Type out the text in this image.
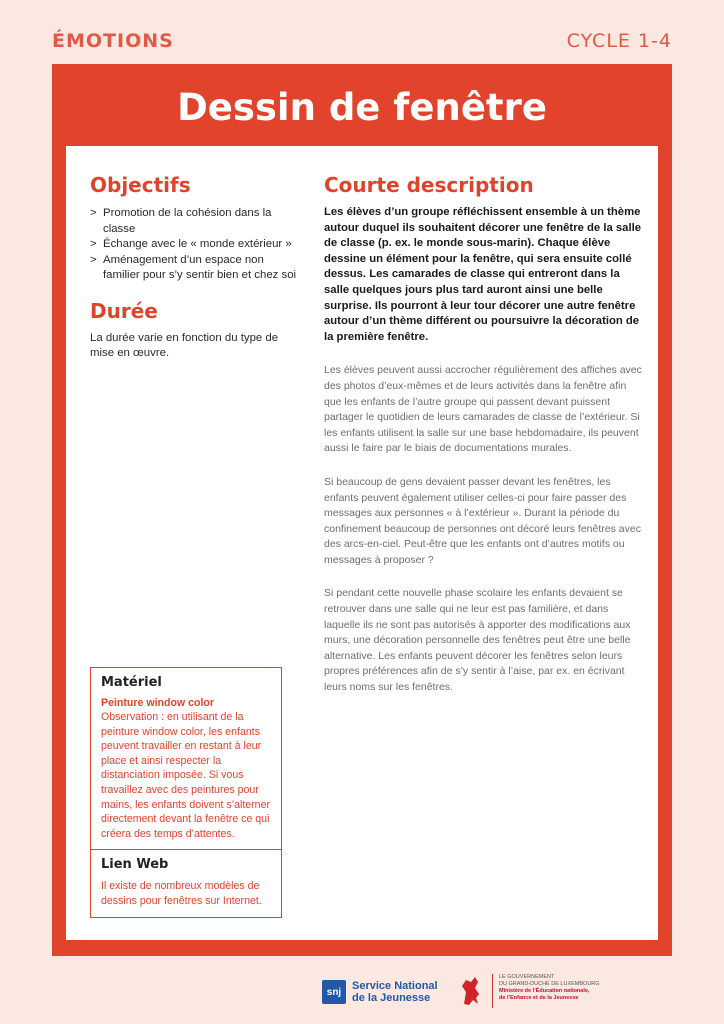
ÉMOTIONS	CYCLE 1-4
Dessin de fenêtre
Objectifs
> Promotion de la cohésion dans la classe
> Échange avec le « monde extérieur »
> Aménagement d’un espace non familier pour s’y sentir bien et chez soi
Durée

La durée varie en fonction du type de mise en œuvre.

Courte description

Les élèves d’un groupe réfléchissent ensemble à un thème autour duquel ils souhaitent décorer une fenêtre de la salle de classe (p. ex. le monde sous-marin). Chaque élève dessine un élément pour la fenêtre, qui sera ensuite collé dessus. Les camarades de classe qui entreront dans la salle quelques jours plus tard auront ainsi une belle surprise. Ils pourront à leur tour décorer une autre fenêtre autour d’un thème différent ou poursuivre la décoration de la première fenêtre.

Les élèves peuvent aussi accrocher régulièrement des affiches avec des photos d’eux-mêmes et de leurs activités dans la fenêtre afin que les enfants de l’autre groupe qui passent devant puissent partager le quotidien de leurs camarades de classe de l’extérieur. Si les enfants utilisent la salle sur une base hebdomadaire, ils peuvent aussi le faire par le biais de documentations murales.

Si beaucoup de gens devaient passer devant les fenêtres, les enfants peuvent également utiliser celles-ci pour faire passer des messages aux personnes « à l’extérieur ». Durant la période du confinement beaucoup de personnes ont décoré leurs fenêtres avec des arcs-en-ciel. Peut-être que les enfants ont d’autres motifs ou messages à proposer ?

Si pendant cette nouvelle phase scolaire les enfants devaient se retrouver dans une salle qui ne leur est pas familière, et dans laquelle ils ne sont pas autorisés à apporter des modifications aux murs, une décoration personnelle des fenêtres peut être une belle alternative. Les enfants peuvent décorer les fenêtres selon leurs propres préférences afin de s’y sentir à l’aise, par ex. en écrivant leurs noms sur les fenêtres.

Matériel

Peinture window color

Observation : en utilisant de la peinture window color, les enfants peuvent travailler en restant à leur place et ainsi respecter la distanciation imposée. Si vous travaillez avec des peintures pour mains, les enfants doivent s’alterner directement devant la fenêtre ce qui créera des temps d’attentes.

Lien Web

Il existe de nombreux modèles de dessins pour fenêtres sur Internet.

snj Service National
de la Jeunesse
LE GOUVERNEMENT
DU GRAND-DUCHÉ DE LUXEMBOURG
Ministère de l’Éducation nationale,
de l’Enfance et de la Jeunesse
